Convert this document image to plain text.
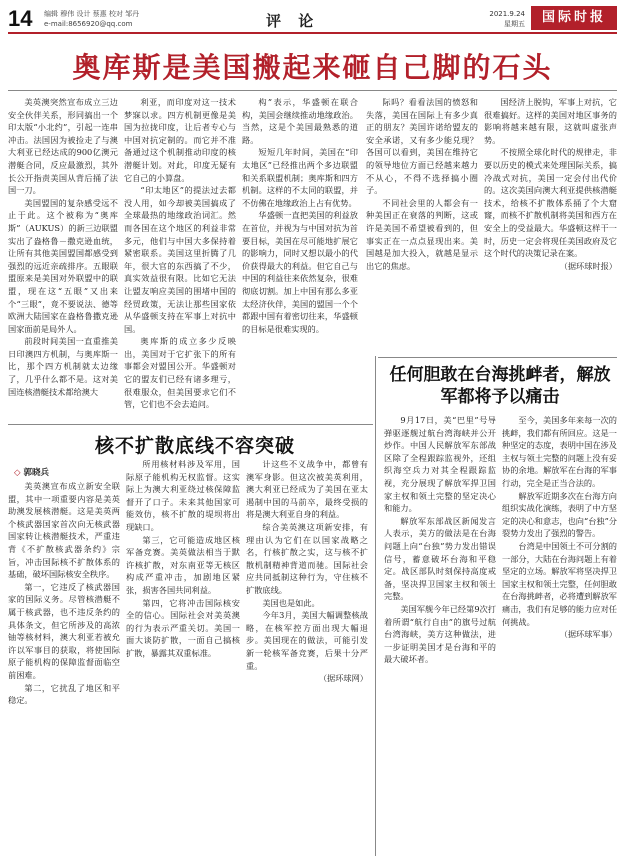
14 编辑 穆伟 设计 蔡惠 校对 邹丹
e-mail:8656920@qq.com	评 论	2021.9.24
星期五	国际时报
奥库斯是美国搬起来砸自己脚的石头

美英澳突然宣布成立三边安全伙伴关系，形同搞出一个印太版“小北约”，引起一连串冲击。法国因为被捡走了与澳大利亚已经达成的900亿澳元潜艇合同，反应最激烈，其外长公开指责美国从背后捅了法国一刀。

美国盟国的复杂感受远不止于此。这个被称为“奥库斯”（AUKUS）的新三边联盟实出了盎格鲁－撒克逊血统，让所有其他美国盟国都感受到强烈的远近亲疏排序。五眼联盟原来是美国对外联盟中的联盟，现在这“五眼”又出来个“三眼”，竟不要说法、德等欧洲大陆国家在盎格鲁撒克逊国家面前是局外人。

前段时间美国一直重推美日印澳四方机制，与奥库斯一比，那个四方机制就太边缘了，几乎什么都不是。这对美国连核潜艇技术都给澳大

利亚，而印度对这一技术梦寐以求。四方机制更像是美国为拉拢印度，让后者专心与中国对抗定制的。而它并不准备通过这个机制推动印度的核潜艇计划。对此，印度无疑有它自己的小算盘。

“印太地区”的提法过去都没人用，如今却被美国搞成了全球最热的地缘政治词汇。然而各国在这个地区的利益非常多元，他们与中国大多保持着紧密联系。美国这里折腾了几年，很大官的东西搞了不少，真实效益很有限。比如它无法让盟友响应美国的围堵中国的经贸政策，无法让那些国家依从华盛顿支持在军事上对抗中国。

奥库斯的成立多少反映出，美国对于它扩张下的所有事都会对盟国公开。华盛顿对它的盟友们已经有诸多理亏，很难服众，但美国要求它们不管，它们也不会去追问。

构”表示，华盛顿在联合构，美国会继续推动地缘政治。当然，这是个美国最熟悉的道路。

短短几年时间，美国在“印太地区”已经推出两个多边联盟和关系联盟机制；奥库斯和四方机制。这样的不太同的联盟，并不仿佛在地缘政治上占有优势。

华盛顿一直把美国的利益放在首位，并视为与中国对抗为首要目标，美国在尽可能地扩展它的影响力，同时又想以最小的代价获得最大的利益。但它自己与中国的利益往来依然复杂，很难彻底切割。加上中国有那么多亚太经济伙伴，美国的盟国一个个都跟中国有着密切往来，华盛顿的目标是很难实现的。

际吗？看看法国的愤怒和失落，美国在国际上有多少真正的朋友？美国许诺给盟友的安全承诺，又有多少能兑现？各国可以看到，美国在维持它的领导地位方面已经越来越力不从心，不得不选择搞小圈子。

不同社会里的人都会有一种美国正在衰落的判断，这或许是美国不希望被看到的，但事实正在一点点显现出来。美国越是加大投入，就越是显示出它的焦虑。

国经济上脱钩，军事上对抗，它很难搞好。这样的美国对地区事务的影响将越来越有限，这就叫虚张声势。

不按照全球化时代的规律走，非要以历史的模式来处理国际关系，搞冷战式对抗，美国一定会付出代价的。这次美国向澳大利亚提供核潜艇技术，给核不扩散体系捅了个大窟窿，而核不扩散机制将美国和西方在安全上的受益最大。华盛顿这样干一时，历史一定会将现任美国政府及它这个时代的决策记录在案。

（据环球时报）

核不扩散底线不容突破
◇ 郭晓兵

美英澳宣布成立新安全联盟，其中一项重要内容是美英助澳发展核潜艇。这是美英两个核武器国家首次向无核武器国家转让核潜艇技术，严重违背《不扩散核武器条约》宗旨，冲击国际核不扩散体系的基础，破坏国际核安全秩序。

第一，它违反了核武器国家的国际义务。尽管核潜艇不属于核武器，也不违反条约的具体条文，但它所涉及的高浓铀等核材料，澳大利亚若被允许以军事目的获取，将使国际原子能机构的保障监督面临空前困难。

第二，它扰乱了地区和平稳定。

所用核材料涉及军用，国际原子能机构无权监督。这实际上为澳大利亚绕过核保障监督开了口子。未来其他国家可能效仿，核不扩散的堤坝将出现缺口。

第三，它可能造成地区核军备竞赛。美英做法相当于默许核扩散，对东南亚等无核区构成严重冲击，加剧地区紧张，损害各国共同利益。

第四，它将冲击国际核安全的信心。国际社会对美英澳的行为表示严重关切。美国一面大谈防扩散，一面自己搞核扩散，暴露其双重标准。

计这些不义战争中，都曾有澳军身影。但这次被美英利用，澳大利亚已经成为了美国在亚太遏制中国的马前卒，最终受损的将是澳大利亚自身的利益。

综合美英澳这项新安排，有理由认为它们在以国家战略之名，行核扩散之实，这与核不扩散机制精神背道而驰。国际社会应共同抵制这种行为，守住核不扩散底线。

美国也是如此。

今年3月，美国大幅调整核战略，在核军控方面出现大幅退步。美国现在的做法，可能引发新一轮核军备竞赛，后果十分严重。

（据环球网）

任何胆敢在台海挑衅者，解放军都将予以痛击

9月17日，美“巴里”号导弹驱逐舰过航台湾海峡并公开炒作。中国人民解放军东部战区除了全程跟踪监视外，还组织海空兵力对其全程跟踪监视，充分展现了解放军捍卫国家主权和领土完整的坚定决心和能力。

解放军东部战区新闻发言人表示，美方的做法是在台海问题上向“台独”势力发出错误信号，蓄意破坏台海和平稳定。战区部队时刻保持高度戒备，坚决捍卫国家主权和领土完整。

美国军舰今年已经第9次打着所谓“航行自由”的旗号过航台湾海峡，美方这种做法，进一步证明美国才是台海和平的最大破坏者。

至今，美国多年来每一次的挑衅，我们都有所回应。这是一种坚定的态度，表明中国在涉及主权与领土完整的问题上没有妥协的余地。解放军在台海的军事行动，完全是正当合法的。

解放军近期多次在台海方向组织实战化演练，表明了中方坚定的决心和意志，也向“台独”分裂势力发出了强烈的警告。

台湾是中国领土不可分割的一部分，大陆在台海问题上有着坚定的立场。解放军将坚决捍卫国家主权和领土完整，任何胆敢在台海挑衅者，必将遭到解放军痛击，我们有足够的能力应对任何挑战。

（据环球军事）
